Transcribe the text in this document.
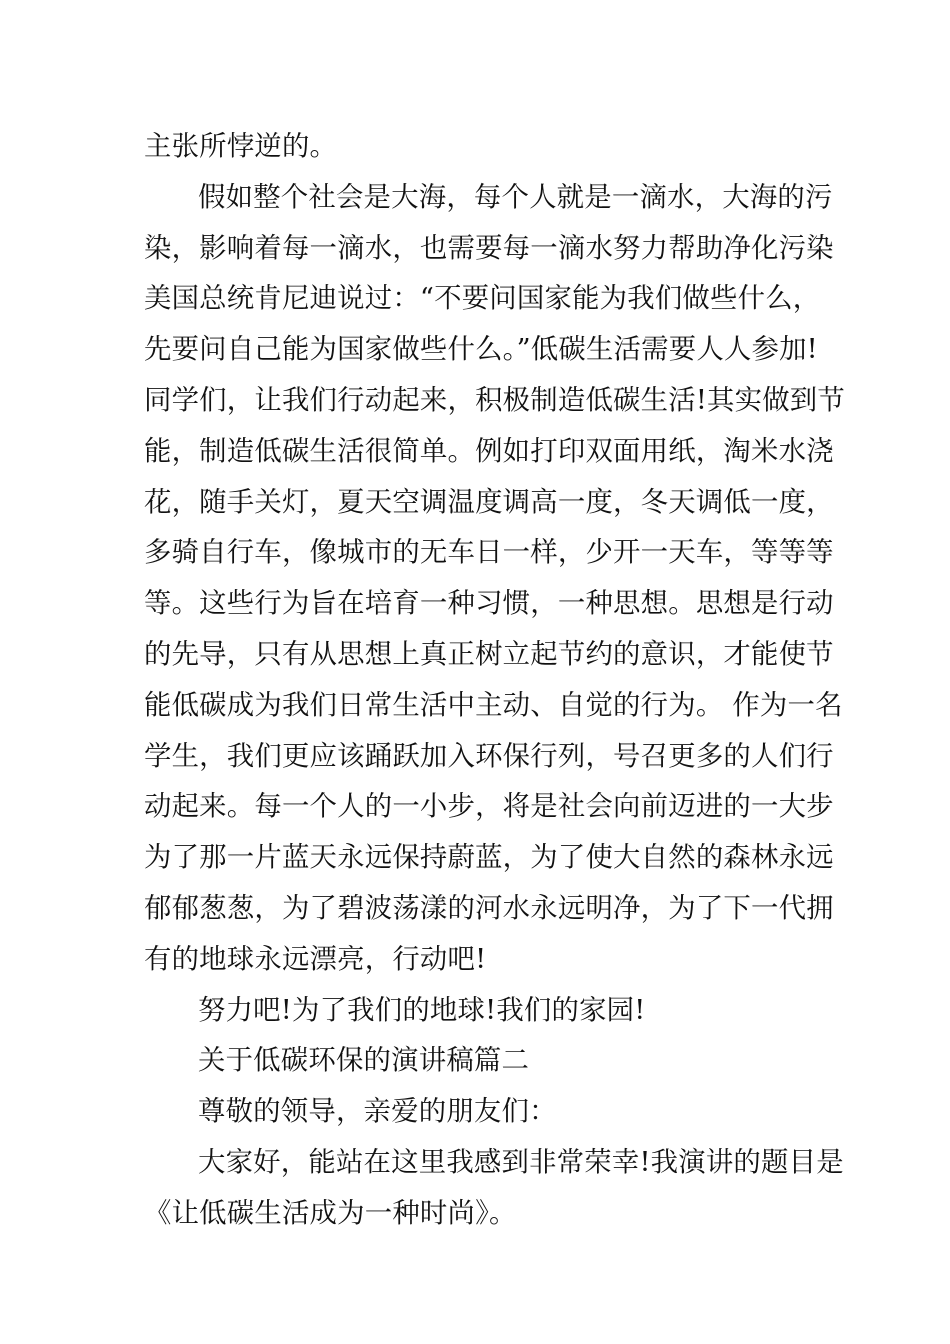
主张所悖逆的。
假如整个社会是大海，每个人就是一滴水，大海的污
染，影响着每一滴水，也需要每一滴水努力帮助净化污染
美国总统肯尼迪说过：“不要问国家能为我们做些什么，
先要问自己能为国家做些什么。”低碳生活需要人人参加!
同学们，让我们行动起来，积极制造低碳生活!其实做到节
能，制造低碳生活很简单。例如打印双面用纸，淘米水浇
花，随手关灯，夏天空调温度调高一度，冬天调低一度，
多骑自行车，像城市的无车日一样，少开一天车，等等等
等。这些行为旨在培育一种习惯，一种思想。思想是行动
的先导，只有从思想上真正树立起节约的意识，才能使节
能低碳成为我们日常生活中主动、自觉的行为。 作为一名
学生，我们更应该踊跃加入环保行列，号召更多的人们行
动起来。每一个人的一小步，将是社会向前迈进的一大步
为了那一片蓝天永远保持蔚蓝，为了使大自然的森林永远
郁郁葱葱，为了碧波荡漾的河水永远明净，为了下一代拥
有的地球永远漂亮，行动吧!
努力吧!为了我们的地球!我们的家园!
关于低碳环保的演讲稿篇二
尊敬的领导，亲爱的朋友们：
大家好，能站在这里我感到非常荣幸!我演讲的题目是
《让低碳生活成为一种时尚》。
